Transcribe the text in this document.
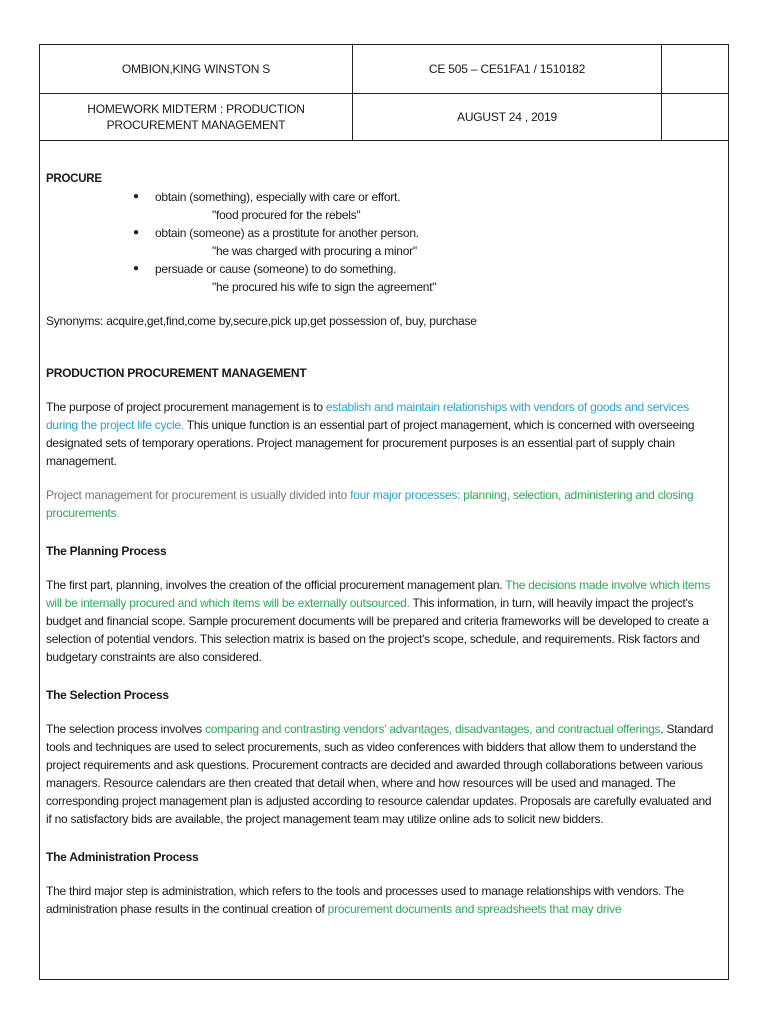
OMBION,KING WINSTON S	CE 505 – CE51FA1 / 1510182	
HOMEWORK MIDTERM : PRODUCTION
PROCUREMENT MANAGEMENT	AUGUST 24 , 2019	

PROCURE

● obtain (something), especially with care or effort.
"food procured for the rebels"
● obtain (someone) as a prostitute for another person.
"he was charged with procuring a minor"
● persuade or cause (someone) to do something.
"he procured his wife to sign the agreement"

Synonyms: acquire,get,find,come by,secure,pick up,get possession of, buy, purchase

PRODUCTION PROCUREMENT MANAGEMENT

The purpose of project procurement management is to establish and maintain relationships with vendors of goods and services during the project life cycle. This unique function is an essential part of project management, which is concerned with overseeing designated sets of temporary operations. Project management for procurement purposes is an essential part of supply chain management.

Project management for procurement is usually divided into four major processes: planning, selection, administering and closing procurements.

The Planning Process

The first part, planning, involves the creation of the official procurement management plan. The decisions made involve which items will be internally procured and which items will be externally outsourced. This information, in turn, will heavily impact the project's budget and financial scope. Sample procurement documents will be prepared and criteria frameworks will be developed to create a selection of potential vendors. This selection matrix is based on the project's scope, schedule, and requirements. Risk factors and budgetary constraints are also considered.

The Selection Process

The selection process involves comparing and contrasting vendors' advantages, disadvantages, and contractual offerings. Standard tools and techniques are used to select procurements, such as video conferences with bidders that allow them to understand the project requirements and ask questions. Procurement contracts are decided and awarded through collaborations between various managers. Resource calendars are then created that detail when, where and how resources will be used and managed. The corresponding project management plan is adjusted according to resource calendar updates. Proposals are carefully evaluated and if no satisfactory bids are available, the project management team may utilize online ads to solicit new bidders.

The Administration Process

The third major step is administration, which refers to the tools and processes used to manage relationships with vendors. The administration phase results in the continual creation of procurement documents and spreadsheets that may drive
